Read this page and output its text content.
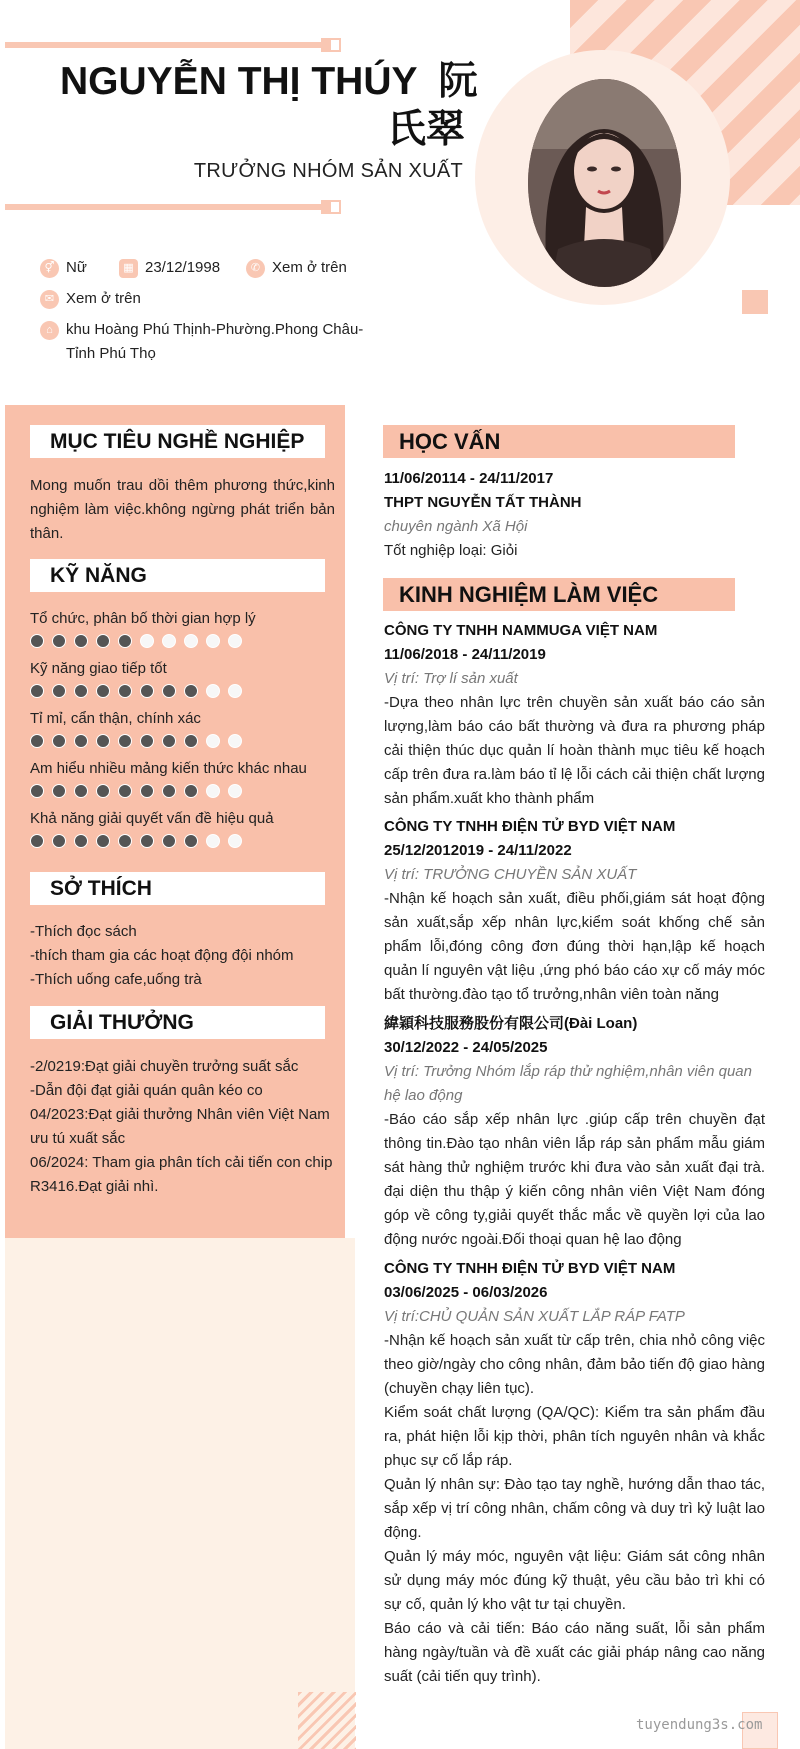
NGUYỄN THỊ THÚY  阮
氏翠
TRƯỞNG NHÓM SẢN XUẤT
⚥ Nữ	▦ 23/12/1998	✆ Xem ở trên
✉ Xem ở trên
⌂ khu Hoàng Phú Thịnh-Phường.Phong Châu-Tỉnh Phú Thọ
MỤC TIÊU NGHỀ NGHIỆP
Mong muốn trau dồi thêm phương thức,kinh nghiệm làm việc.không ngừng phát triển bản thân.
KỸ NĂNG
Tổ chức, phân bố thời gian hợp lý
Kỹ năng giao tiếp tốt
Tỉ mỉ, cẩn thận, chính xác
Am hiểu nhiều mảng kiến thức khác nhau
Khả năng giải quyết vấn đề hiệu quả
SỞ THÍCH
-Thích đọc sách
-thích tham gia các hoạt động đội nhóm
-Thích uống cafe,uống trà
GIẢI THƯỞNG
-2/0219:Đạt giải chuyền trưởng suất sắc
-Dẫn đội đạt giải quán quân kéo co
04/2023:Đạt giải thưởng Nhân viên Việt Nam ưu tú xuất sắc
06/2024: Tham gia phân tích cải tiến con chip R3416.Đạt giải nhì.
HỌC VẤN
11/06/20114 - 24/11/2017
THPT NGUYỄN TẤT THÀNH
chuyên ngành Xã Hội
Tốt nghiệp loại: Giỏi
KINH NGHIỆM LÀM VIỆC
CÔNG TY TNHH NAMMUGA VIỆT NAM
11/06/2018 - 24/11/2019
Vị trí: Trợ lí sản xuất
-Dựa theo nhân lực trên chuyền sản xuất báo cáo sản lượng,làm báo cáo bất thường và đưa ra phương pháp cải thiện thúc dục quản lí hoàn thành mục tiêu kế hoạch cấp trên đưa ra.làm báo tỉ lệ lỗi cách cải thiện chất lượng sản phẩm.xuất kho thành phẩm
CÔNG TY TNHH ĐIỆN TỬ BYD VIỆT NAM
25/12/2012019 - 24/11/2022
Vị trí: TRƯỞNG CHUYỀN SẢN XUẤT
-Nhận kế hoạch sản xuất, điều phối,giám sát hoạt động sản xuất,sắp xếp nhân lực,kiểm soát khống chế sản phẩm lỗi,đóng công đơn đúng thời hạn,lập kế hoạch quản lí nguyên vật liệu ,ứng phó báo cáo xự cố máy móc bất thường.đào tạo tổ trưởng,nhân viên toàn năng
緯穎科技服務股份有限公司(Đài Loan)
30/12/2022 - 24/05/2025
Vị trí: Trưởng Nhóm lắp ráp thử nghiệm,nhân viên quan hệ lao động
-Báo cáo sắp xếp nhân lực .giúp cấp trên chuyền đạt thông tin.Đào tạo nhân viên lắp ráp sản phẩm mẫu giám sát hàng thử nghiệm trước khi đưa vào sản xuất đại trà. đại diện thu thập ý kiến công nhân viên Việt Nam đóng góp về công ty,giải quyết thắc mắc về quyền lợi của lao động nước ngoài.Đối thoại quan hệ lao động
CÔNG TY TNHH ĐIỆN TỬ BYD VIỆT NAM
03/06/2025 - 06/03/2026
Vị trí:CHỦ QUẢN SẢN XUẤT LẮP RÁP FATP
-Nhận kế hoạch sản xuất từ cấp trên, chia nhỏ công việc theo giờ/ngày cho công nhân, đảm bảo tiến độ giao hàng (chuyền chạy liên tục).
Kiểm soát chất lượng (QA/QC): Kiểm tra sản phẩm đầu ra, phát hiện lỗi kịp thời, phân tích nguyên nhân và khắc phục sự cố lắp ráp.
Quản lý nhân sự: Đào tạo tay nghề, hướng dẫn thao tác, sắp xếp vị trí công nhân, chấm công và duy trì kỷ luật lao động.
Quản lý máy móc, nguyên vật liệu: Giám sát công nhân sử dụng máy móc đúng kỹ thuật, yêu cầu bảo trì khi có sự cố, quản lý kho vật tư tại chuyền.
Báo cáo và cải tiến: Báo cáo năng suất, lỗi sản phẩm hàng ngày/tuần và đề xuất các giải pháp nâng cao năng suất (cải tiến quy trình).
tuyendung3s.com
